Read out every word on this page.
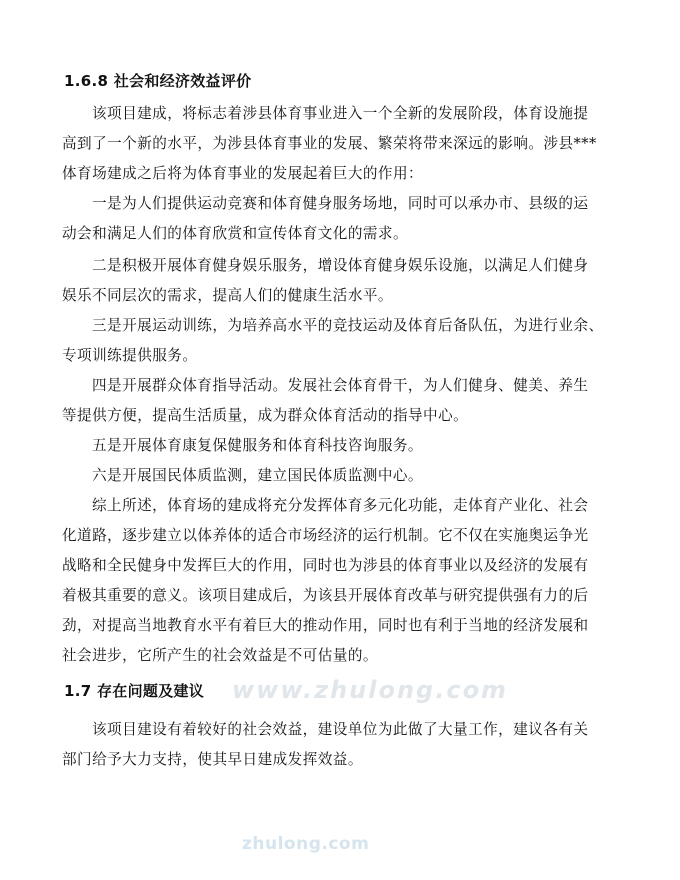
1.6.8 社会和经济效益评价
该项目建成，将标志着涉县体育事业进入一个全新的发展阶段，体育设施提
高到了一个新的水平，为涉县体育事业的发展、繁荣将带来深远的影响。涉县***
体育场建成之后将为体育事业的发展起着巨大的作用：
一是为人们提供运动竞赛和体育健身服务场地，同时可以承办市、县级的运
动会和满足人们的体育欣赏和宣传体育文化的需求。
二是积极开展体育健身娱乐服务，增设体育健身娱乐设施，以满足人们健身
娱乐不同层次的需求，提高人们的健康生活水平。
三是开展运动训练，为培养高水平的竞技运动及体育后备队伍，为进行业余、
专项训练提供服务。
四是开展群众体育指导活动。发展社会体育骨干，为人们健身、健美、养生
等提供方便，提高生活质量，成为群众体育活动的指导中心。
五是开展体育康复保健服务和体育科技咨询服务。
六是开展国民体质监测，建立国民体质监测中心。
综上所述，体育场的建成将充分发挥体育多元化功能，走体育产业化、社会
化道路，逐步建立以体养体的适合市场经济的运行机制。它不仅在实施奥运争光
战略和全民健身中发挥巨大的作用，同时也为涉县的体育事业以及经济的发展有
着极其重要的意义。该项目建成后，为该县开展体育改革与研究提供强有力的后
劲，对提高当地教育水平有着巨大的推动作用，同时也有利于当地的经济发展和
社会进步，它所产生的社会效益是不可估量的。
www.zhulong.com
1.7 存在问题及建议
该项目建设有着较好的社会效益，建设单位为此做了大量工作，建议各有关
部门给予大力支持，使其早日建成发挥效益。
zhulong.com
